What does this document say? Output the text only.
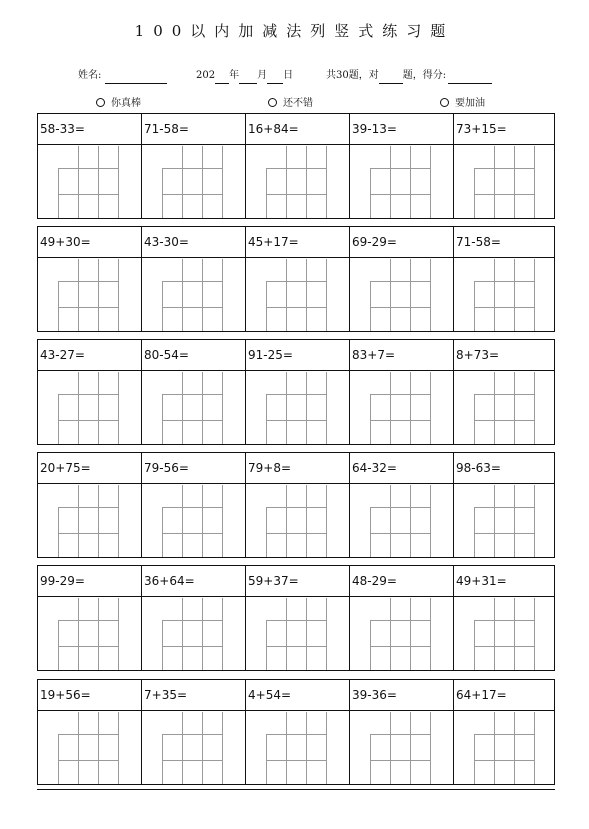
100以内加减法列竖式练习题
姓名:	202 年 月 日	共30题，对 题，得分:
你真棒	还不错	要加油
58-33=	71-58=	16+84=	39-13=	73+15=
49+30=	43-30=	45+17=	69-29=	71-58=
43-27=	80-54=	91-25=	83+7=	8+73=
20+75=	79-56=	79+8=	64-32=	98-63=
99-29=	36+64=	59+37=	48-29=	49+31=
19+56=	7+35=	4+54=	39-36=	64+17=
